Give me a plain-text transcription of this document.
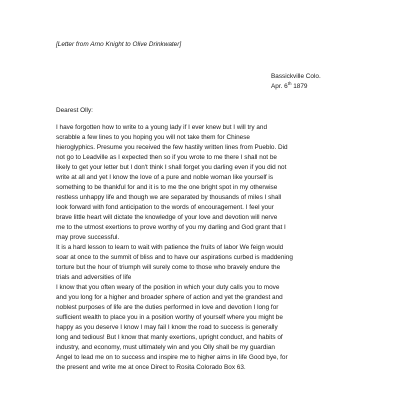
[Letter from Arno Knight to Olive Drinkwater]
Bassickville Colo.
Apr. 6th 1879
Dearest Olly:
I have forgotten how to write to a young lady if I ever knew but I will try and
scrabble a few lines to you hoping you will not take them for Chinese
hieroglyphics. Presume you received the few hastily written lines from Pueblo. Did
not go to Leadville as I expected then so if you wrote to me there I shall not be
likely to get your letter but I don't think I shall forget you darling even if you did not
write at all and yet I know the love of a pure and noble woman like yourself is
something to be thankful for and it is to me the one bright spot in my otherwise
restless unhappy life and though we are separated by thousands of miles I shall
look forward with fond anticipation to the words of encouragement. I feel your
brave little heart will dictate the knowledge of your love and devotion will nerve
me to the utmost exertions to prove worthy of you my darling and God grant that I
may prove successful.
It is a hard lesson to learn to wait with patience the fruits of labor We feign would
soar at once to the summit of bliss and to have our aspirations curbed is maddening
torture but the hour of triumph will surely come to those who bravely endure the
trials and adversities of life
I know that you often weary of the position in which your duty calls you to move
and you long for a higher and broader sphere of action and yet the grandest and
noblest purposes of life are the duties performed in love and devotion I long for
sufficient wealth to place you in a position worthy of yourself where you might be
happy as you deserve I know I may fail I know the road to success is generally
long and tedious! But I know that manly exertions, upright conduct, and habits of
industry, and economy, must ultimately win and you Olly shall be my guardian
Angel to lead me on to success and inspire me to higher aims in life Good bye, for
the present and write me at once Direct to Rosita Colorado Box 63.
